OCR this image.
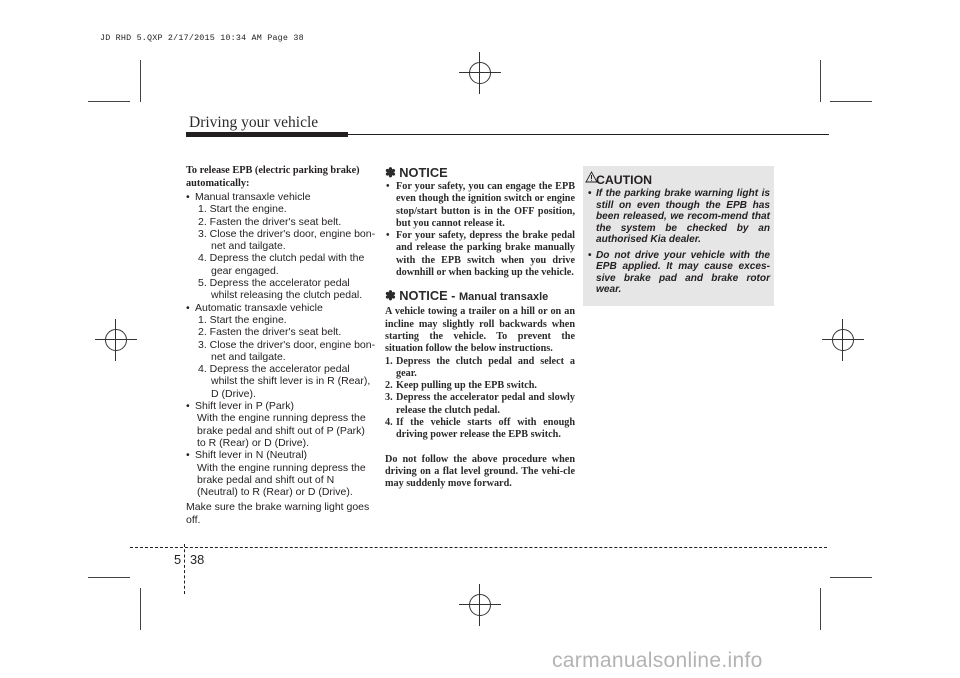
JD RHD 5.QXP 2/17/2015 10:34 AM Page 38
Driving your vehicle
To release EPB (electric parking brake) automatically:
• Manual transaxle vehicle
1. Start the engine.
2. Fasten the driver's seat belt.
3. Close the driver's door, engine bon-net and tailgate.
4. Depress the clutch pedal with the gear engaged.
5. Depress the accelerator pedal whilst releasing the clutch pedal.
• Automatic transaxle vehicle
1. Start the engine.
2. Fasten the driver's seat belt.
3. Close the driver's door, engine bon-net and tailgate.
4. Depress the accelerator pedal whilst the shift lever is in R (Rear), D (Drive).
• Shift lever in P (Park)
With the engine running depress the brake pedal and shift out of P (Park) to R (Rear) or D (Drive).
• Shift lever in N (Neutral)
With the engine running depress the brake pedal and shift out of N (Neutral) to R (Rear) or D (Drive).
Make sure the brake warning light goes off.
✽ NOTICE
• For your safety, you can engage the EPB even though the ignition switch or engine stop/start button is in the OFF position, but you cannot release it.
• For your safety, depress the brake pedal and release the parking brake manually with the EPB switch when you drive downhill or when backing up the vehicle.
✽ NOTICE - Manual transaxle

A vehicle towing a trailer on a hill or on an incline may slightly roll backwards when starting the vehicle. To prevent the situation follow the below instructions.

1. Depress the clutch pedal and select a gear.
2. Keep pulling up the EPB switch.
3. Depress the accelerator pedal and slowly release the clutch pedal.
4. If the vehicle starts off with enough driving power release the EPB switch.

Do not follow the above procedure when driving on a flat level ground. The vehi-cle may suddenly move forward.

CAUTION
• If the parking brake warning light is still on even though the EPB has been released, we recom-mend that the system be checked by an authorised Kia dealer.
• Do not drive your vehicle with the EPB applied. It may cause exces-sive brake pad and brake rotor wear.
5 38
carmanualsonline.info
